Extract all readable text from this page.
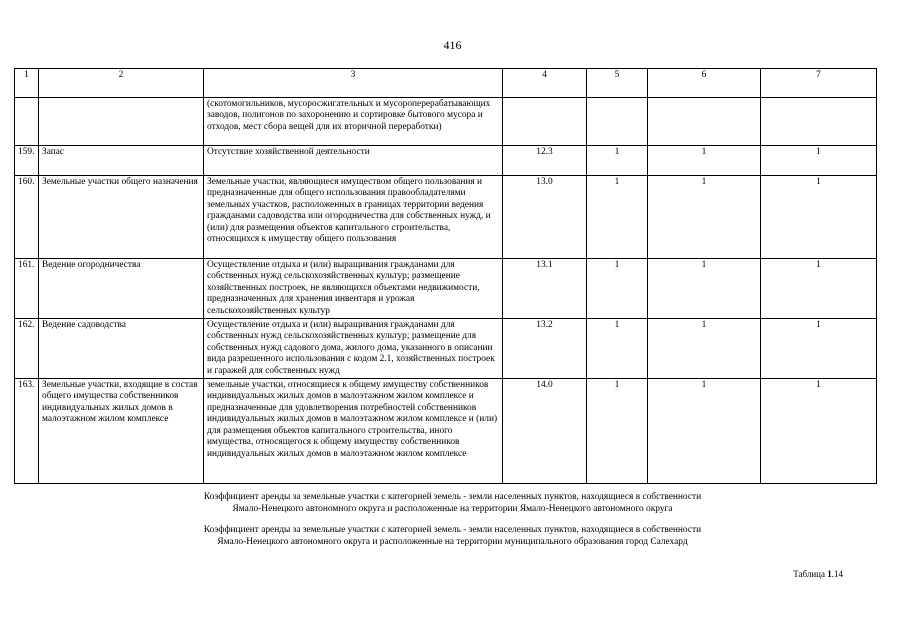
416
1	2	3	4	5	6	7
		(скотомогильников, мусоросжигательных и мусороперерабатывающих заводов, полигонов по захоронению и сортировке бытового мусора и отходов, мест сбора вещей для их вторичной переработки)				
159.	Запас	Отсутствие хозяйственной деятельности	12.3	1	1	1
160.	Земельные участки общего назначения	Земельные участки, являющиеся имуществом общего пользования и предназначенные для общего использования правообладателями земельных участков, расположенных в границах территории ведения гражданами садоводства или огородничества для собственных нужд, и (или) для размещения объектов капитального строительства, относящихся к имуществу общего пользования	13.0	1	1	1
161.	Ведение огородничества	Осуществление отдыха и (или) выращивания гражданами для собственных нужд сельскохозяйственных культур; размещение хозяйственных построек, не являющихся объектами недвижимости, предназначенных для хранения инвентаря и урожая сельскохозяйственных культур	13.1	1	1	1
162.	Ведение садоводства	Осуществление отдыха и (или) выращивания гражданами для собственных нужд сельскохозяйственных культур; размещение для собственных нужд садового дома, жилого дома, указанного в описании вида разрешенного использования с кодом 2.1, хозяйственных построек и гаражей для собственных нужд	13.2	1	1	1
163.	Земельные участки, входящие в состав общего имущества собственников индивидуальных жилых домов в малоэтажном жилом комплексе	земельные участки, относящиеся к общему имуществу собственников индивидуальных жилых домов в малоэтажном жилом комплексе и предназначенные для удовлетворения потребностей собственников индивидуальных жилых домов в малоэтажном жилом комплексе и (или) для размещения объектов капитального строительства, иного имущества, относящегося к общему имуществу собственников индивидуальных жилых домов в малоэтажном жилом комплексе	14.0	1	1	1
Коэффициент аренды за земельные участки с категорией земель - земли населенных пунктов, находящиеся в собственности
Ямало-Ненецкого автономного округа и расположенные на территории Ямало-Ненецкого автономного округа
Коэффициент аренды за земельные участки с категорией земель - земли населенных пунктов, находящиеся в собственности
Ямало-Ненецкого автономного округа и расположенные на территории муниципального образования город Салехард
Таблица 1.14
